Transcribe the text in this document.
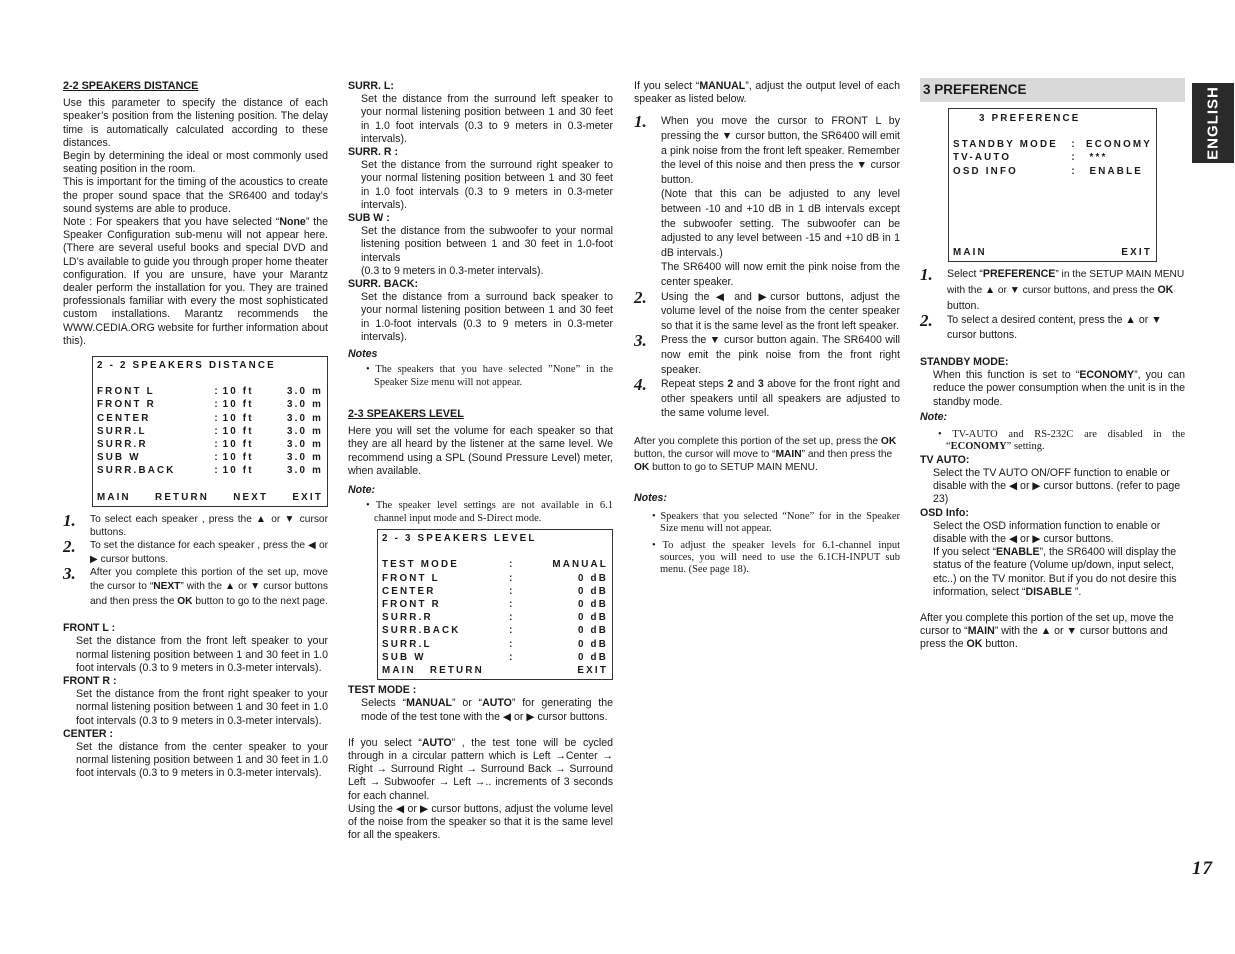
2-2 SPEAKERS DISTANCE

Use this parameter to specify the distance of each speaker’s position from the listening position. The delay time is automatically calculated according to these distances.

Begin by determining the ideal or most commonly used seating position in the room.

This is important for the timing of the acoustics to create the proper sound space that the SR6400 and today’s sound systems are able to produce.

Note : For speakers that you have selected “None” the Speaker Configuration sub-menu will not appear here. (There are several useful books and special DVD and LD’s available to guide you through proper home theater configuration. If you are unsure, have your Marantz dealer perform the installation for you. They are trained professionals familiar with every the most sophisticated custom installations. Marantz recommends the WWW.CEDIA.ORG website for further information about this).

2 - 2 SPEAKERS DISTANCE
FRONT L	:	10 ft	3.0 m
FRONT R	:	10 ft	3.0 m
CENTER	:	10 ft	3.0 m
SURR.L	:	10 ft	3.0 m
SURR.R	:	10 ft	3.0 m
SUB W	:	10 ft	3.0 m
SURR.BACK	:	10 ft	3.0 m
MAIN RETURN NEXT EXIT
1.	To select each speaker , press the ▲ or ▼ cursor buttons.
2.	To set the distance for each speaker , press the ◀ or ▶ cursor buttons.
3.	After you complete this portion of the set up, move the cursor to “NEXT” with the ▲ or ▼ cursor buttons and then press the OK button to go to the next page.

FRONT L :

Set the distance from the front left speaker to your normal listening position between 1 and 30 feet in 1.0 foot intervals (0.3 to 9 meters in 0.3-meter intervals).

FRONT R :

Set the distance from the front right speaker to your normal listening position between 1 and 30 feet in 1.0 foot intervals (0.3 to 9 meters in 0.3-meter intervals).

CENTER :

Set the distance from the center speaker to your normal listening position between 1 and 30 feet in 1.0 foot intervals (0.3 to 9 meters in 0.3-meter intervals).

SURR. L:

Set the distance from the surround left speaker to your normal listening position between 1 and 30 feet in 1.0 foot intervals (0.3 to 9 meters in 0.3-meter intervals).

SURR. R :

Set the distance from the surround right speaker to your normal listening position between 1 and 30 feet in 1.0 foot intervals (0.3 to 9 meters in 0.3-meter intervals).

SUB W :

Set the distance from the subwoofer to your normal listening position between 1 and 30 feet in 1.0-foot intervals

(0.3 to 9 meters in 0.3-meter intervals).

SURR. BACK:

Set the distance from a surround back speaker to your normal listening position between 1 and 30 feet in 1.0-foot intervals (0.3 to 9 meters in 0.3-meter intervals).

Notes

• The speakers that you have selected ”None” in the Speaker Size menu will not appear.

2-3 SPEAKERS LEVEL

Here you will set the volume for each speaker so that they are all heard by the listener at the same level. We recommend using a SPL (Sound Pressure Level) meter, when available.

Note:

• The speaker level settings are not available in 6.1 channel input mode and S-Direct mode.

2 - 3 SPEAKERS LEVEL
TEST MODE	:	MANUAL
FRONT L	:	0 dB
CENTER	:	0 dB
FRONT R	:	0 dB
SURR.R	:	0 dB
SURR.BACK	:	0 dB
SURR.L	:	0 dB
SUB W	:	0 dB
MAIN RETURN	EXIT

TEST MODE :

Selects “MANUAL” or “AUTO” for generating the mode of the test tone with the ◀ or ▶ cursor buttons.

If you select “AUTO” , the test tone will be cycled through in a circular pattern which is Left →Center → Right → Surround Right → Surround Back → Surround Left → Subwoofer → Left →.. increments of 3 seconds for each channel.

Using the ◀ or ▶ cursor buttons, adjust the volume level of the noise from the speaker so that it is the same level for all the speakers.

If you select “MANUAL”, adjust the output level of each speaker as listed below.

1.	When you move the cursor to FRONT L by pressing the ▼ cursor button, the SR6400 will emit a pink noise from the front left speaker. Remember the level of this noise and then press the ▼ cursor button.
(Note that this can be adjusted to any level between -10 and +10 dB in 1 dB intervals except the subwoofer setting. The subwoofer can be adjusted to any level between -15 and +10 dB in 1 dB intervals.)
The SR6400 will now emit the pink noise from the center speaker.
2.	Using the ◀ and ▶cursor buttons, adjust the volume level of the noise from the center speaker so that it is the same level as the front left speaker.
3.	Press the ▼ cursor button again. The SR6400 will now emit the pink noise from the front right speaker.
4.	Repeat steps 2 and 3 above for the front right and other speakers until all speakers are adjusted to the same volume level.

After you complete this portion of the set up, press the OK button, the cursor will move to “MAIN” and then press the OK button to go to SETUP MAIN MENU.

Notes:

• Speakers that you selected “None” for in the Speaker Size menu will not appear.

• To adjust the speaker levels for 6.1-channel input sources, you will need to use the 6.1CH-INPUT sub menu. (See page 18).

3 PREFERENCE
3 PREFERENCE
STANDBY MODE	:	ECONOMY
TV-AUTO	:	***
OSD INFO	:	ENABLE
MAIN	EXIT
1.	Select “PREFERENCE” in the SETUP MAIN MENU with the ▲ or ▼ cursor buttons, and press the OK button.
2.	To select a desired content, press the ▲ or ▼ cursor buttons.

STANDBY MODE:

When this function is set to “ECONOMY”, you can reduce the power consumption when the unit is in the standby mode.

Note:

• TV-AUTO and RS-232C are disabled in the “ECONOMY” setting.

TV AUTO:

Select the TV AUTO ON/OFF function to enable or disable with the ◀ or ▶ cursor buttons. (refer to page 23)

OSD Info:

Select the OSD information function to enable or disable with the ◀ or ▶ cursor buttons.

If you select “ENABLE”, the SR6400 will display the status of the feature (Volume up/down, input select, etc..) on the TV monitor. But if you do not desire this information, select “DISABLE ”.

After you complete this portion of the set up, move the cursor to “MAIN” with the ▲ or ▼ cursor buttons and press the OK button.

ENGLISH
17
